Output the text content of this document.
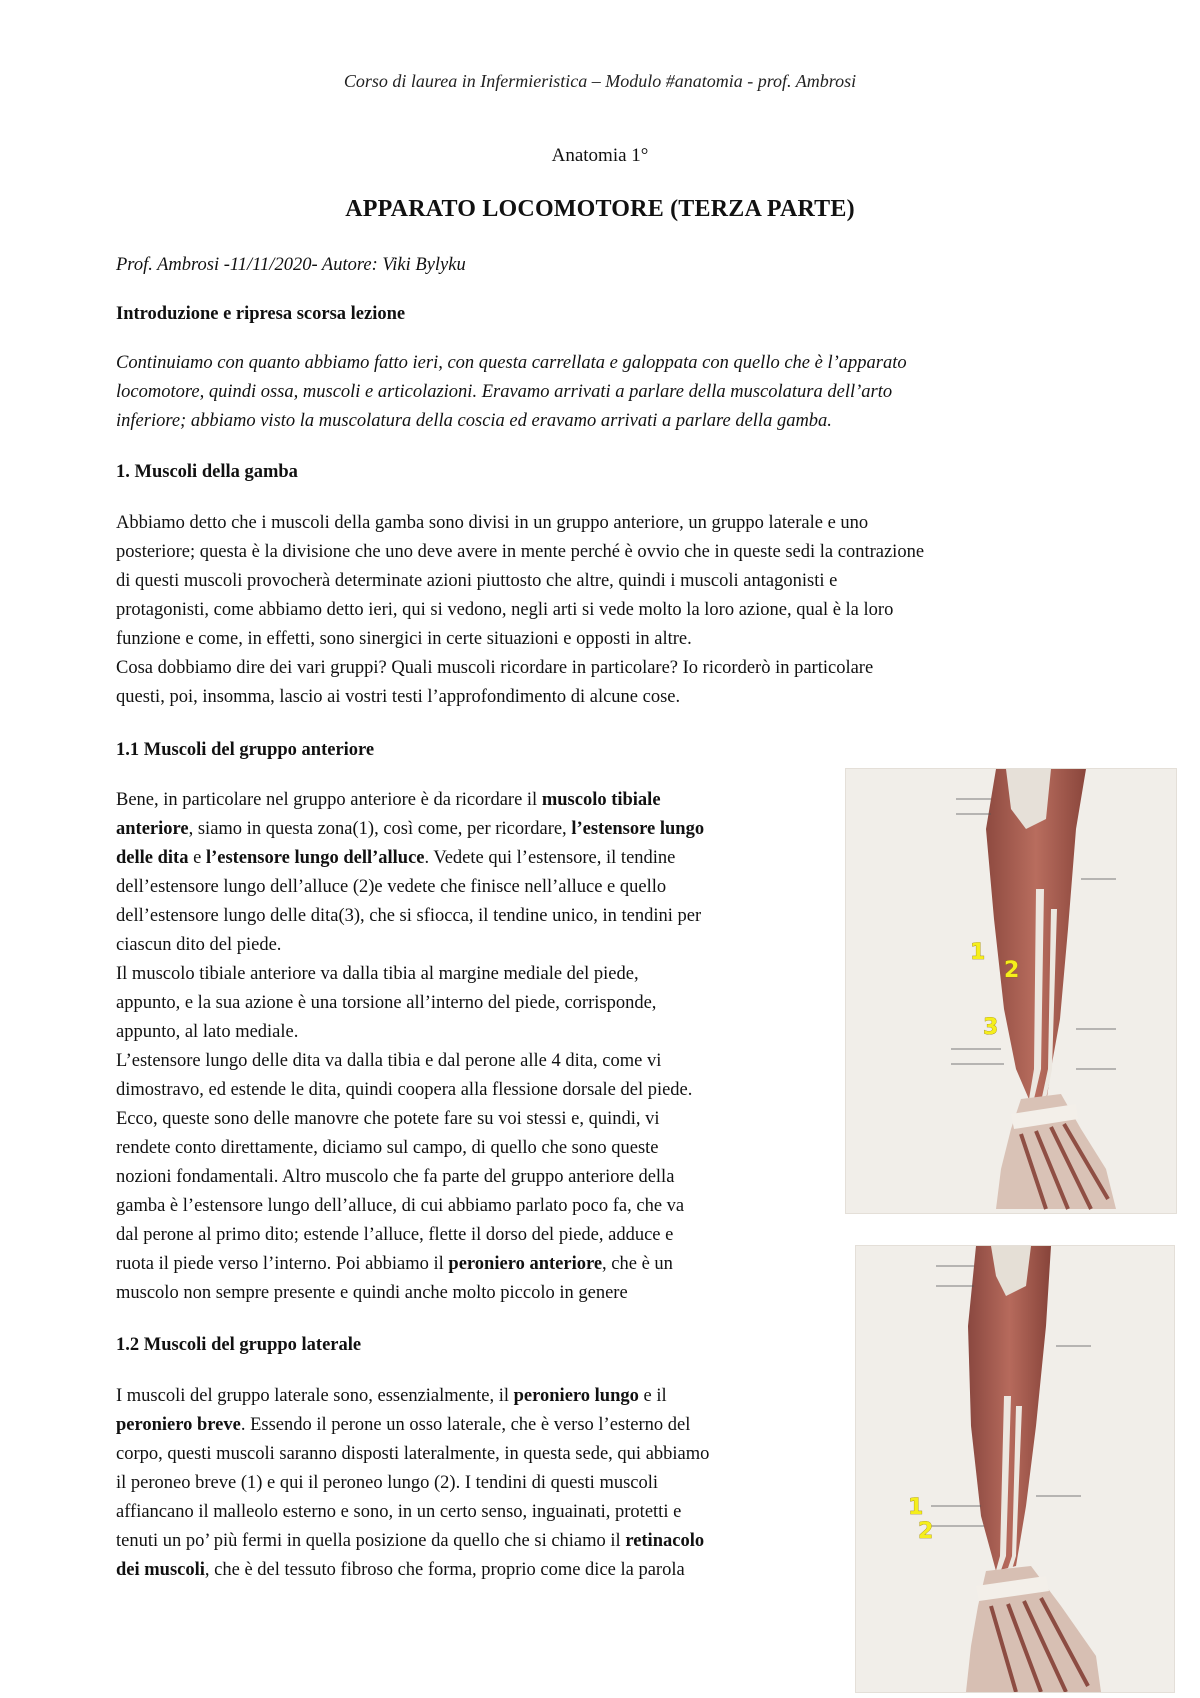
Corso di laurea in Infermieristica – Modulo #anatomia - prof. Ambrosi
Anatomia 1°
APPARATO LOCOMOTORE (TERZA PARTE)
Prof. Ambrosi -11/11/2020- Autore: Viki Bylyku
Introduzione e ripresa scorsa lezione

Continuiamo con quanto abbiamo fatto ieri, con questa carrellata e galoppata con quello che è l’apparato
locomotore, quindi ossa, muscoli e articolazioni. Eravamo arrivati a parlare della muscolatura dell’arto
inferiore; abbiamo visto la muscolatura della coscia ed eravamo arrivati a parlare della gamba.

1. Muscoli della gamba

Abbiamo detto che i muscoli della gamba sono divisi in un gruppo anteriore, un gruppo laterale e uno
posteriore; questa è la divisione che uno deve avere in mente perché è ovvio che in queste sedi la contrazione
di questi muscoli provocherà determinate azioni piuttosto che altre, quindi i muscoli antagonisti e
protagonisti, come abbiamo detto ieri, qui si vedono, negli arti si vede molto la loro azione, qual è la loro
funzione e come, in effetti, sono sinergici in certe situazioni e opposti in altre.
Cosa dobbiamo dire dei vari gruppi? Quali muscoli ricordare in particolare? Io ricorderò in particolare
questi, poi, insomma, lascio ai vostri testi l’approfondimento di alcune cose.

1.1 Muscoli del gruppo anteriore

Bene, in particolare nel gruppo anteriore è da ricordare il muscolo tibiale
anteriore, siamo in questa zona(1), così come, per ricordare, l’estensore lungo
delle dita e l’estensore lungo dell’alluce. Vedete qui l’estensore, il tendine
dell’estensore lungo dell’alluce (2)e vedete che finisce nell’alluce e quello
dell’estensore lungo delle dita(3), che si sfiocca, il tendine unico, in tendini per
ciascun dito del piede.
Il muscolo tibiale anteriore va dalla tibia al margine mediale del piede,
appunto, e la sua azione è una torsione all’interno del piede, corrisponde,
appunto, al lato mediale.
L’estensore lungo delle dita va dalla tibia e dal perone alle 4 dita, come vi
dimostravo, ed estende le dita, quindi coopera alla flessione dorsale del piede.
Ecco, queste sono delle manovre che potete fare su voi stessi e, quindi, vi
rendete conto direttamente, diciamo sul campo, di quello che sono queste
nozioni fondamentali. Altro muscolo che fa parte del gruppo anteriore della
gamba è l’estensore lungo dell’alluce, di cui abbiamo parlato poco fa, che va
dal perone al primo dito; estende l’alluce, flette il dorso del piede, adduce e
ruota il piede verso l’interno. Poi abbiamo il peroniero anteriore, che è un
muscolo non sempre presente e quindi anche molto piccolo in genere

1.2 Muscoli del gruppo laterale

I muscoli del gruppo laterale sono, essenzialmente, il peroniero lungo e il
peroniero breve. Essendo il perone un osso laterale, che è verso l’esterno del
corpo, questi muscoli saranno disposti lateralmente, in questa sede, qui abbiamo
il peroneo breve (1) e qui il peroneo lungo (2). I tendini di questi muscoli
affiancano il malleolo esterno e sono, in un certo senso, inguainati, protetti e
tenuti un po’ più fermi in quella posizione da quello che si chiamo il retinacolo
dei muscoli, che è del tessuto fibroso che forma, proprio come dice la parola

1
2
3
1
2
